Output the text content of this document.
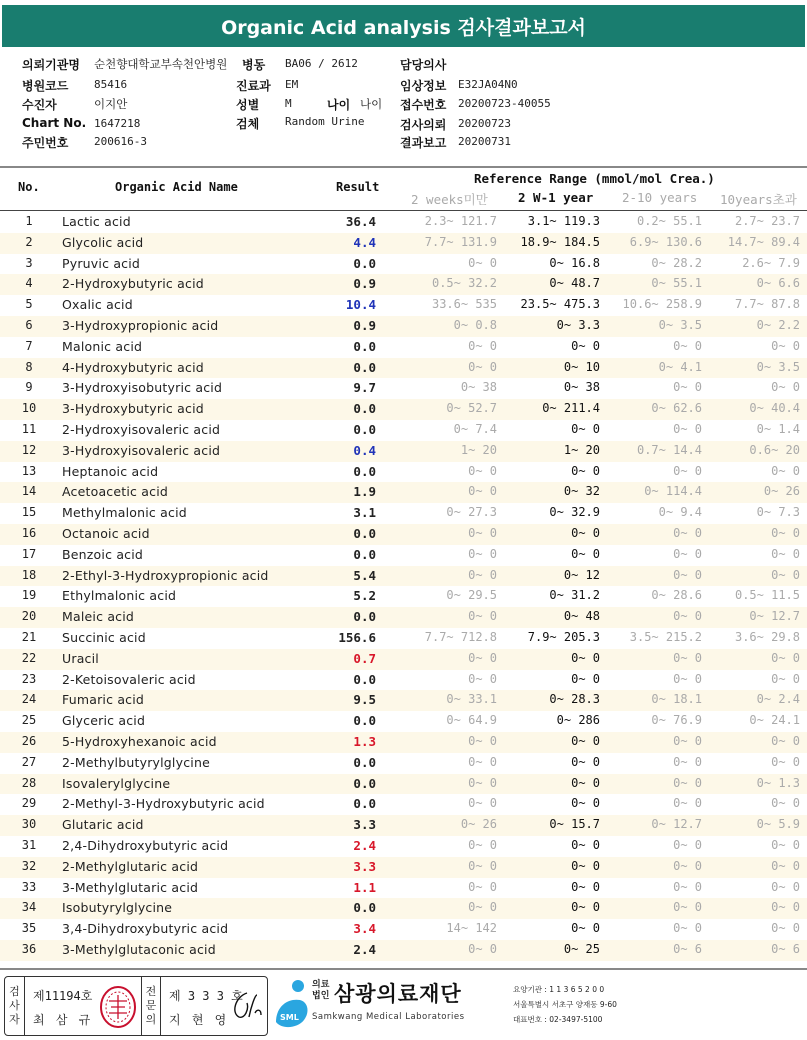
Organic Acid analysis 검사결과보고서
의뢰기관명 순천향대학교부속천안병원
병원코드 85416
수진자	이지안
Chart No. 1647218
주민번호 200616-3
병동 BA06 / 2612
진료과 EM
성별 M	나이 나이
검체 Random Urine
담당의사
임상정보 E32JA04N0
접수번호 20200723-40055
검사의뢰 20200723
결과보고 20200731
No.	Organic Acid Name	Result
Reference Range (mmol/mol Crea.)
2 weeks미만 2 W-1 year 2-10 years 10years초과
1	Lactic acid	36.4	2.3~ 121.7	3.1~ 119.3	0.2~ 55.1	2.7~ 23.7
2	Glycolic acid	4.4	7.7~ 131.9	18.9~ 184.5	6.9~ 130.6	14.7~ 89.4
3	Pyruvic acid	0.0	0~ 0	0~ 16.8	0~ 28.2	2.6~ 7.9
4	2-Hydroxybutyric acid	0.9	0.5~ 32.2	0~ 48.7	0~ 55.1	0~ 6.6
5	Oxalic acid	10.4	33.6~ 535	23.5~ 475.3	10.6~ 258.9	7.7~ 87.8
6	3-Hydroxypropionic acid	0.9	0~ 0.8	0~ 3.3	0~ 3.5	0~ 2.2
7	Malonic acid	0.0	0~ 0	0~ 0	0~ 0	0~ 0
8	4-Hydroxybutyric acid	0.0	0~ 0	0~ 10	0~ 4.1	0~ 3.5
9	3-Hydroxyisobutyric acid	9.7	0~ 38	0~ 38	0~ 0	0~ 0
10	3-Hydroxybutyric acid	0.0	0~ 52.7	0~ 211.4	0~ 62.6	0~ 40.4
11	2-Hydroxyisovaleric acid	0.0	0~ 7.4	0~ 0	0~ 0	0~ 1.4
12	3-Hydroxyisovaleric acid	0.4	1~ 20	1~ 20	0.7~ 14.4	0.6~ 20
13	Heptanoic acid	0.0	0~ 0	0~ 0	0~ 0	0~ 0
14	Acetoacetic acid	1.9	0~ 0	0~ 32	0~ 114.4	0~ 26
15	Methylmalonic acid	3.1	0~ 27.3	0~ 32.9	0~ 9.4	0~ 7.3
16	Octanoic acid	0.0	0~ 0	0~ 0	0~ 0	0~ 0
17	Benzoic acid	0.0	0~ 0	0~ 0	0~ 0	0~ 0
18	2-Ethyl-3-Hydroxypropionic acid	5.4	0~ 0	0~ 12	0~ 0	0~ 0
19	Ethylmalonic acid	5.2	0~ 29.5	0~ 31.2	0~ 28.6	0.5~ 11.5
20	Maleic acid	0.0	0~ 0	0~ 48	0~ 0	0~ 12.7
21	Succinic acid	156.6	7.7~ 712.8	7.9~ 205.3	3.5~ 215.2	3.6~ 29.8
22	Uracil	0.7	0~ 0	0~ 0	0~ 0	0~ 0
23	2-Ketoisovaleric acid	0.0	0~ 0	0~ 0	0~ 0	0~ 0
24	Fumaric acid	9.5	0~ 33.1	0~ 28.3	0~ 18.1	0~ 2.4
25	Glyceric acid	0.0	0~ 64.9	0~ 286	0~ 76.9	0~ 24.1
26	5-Hydroxyhexanoic acid	1.3	0~ 0	0~ 0	0~ 0	0~ 0
27	2-Methylbutyrylglycine	0.0	0~ 0	0~ 0	0~ 0	0~ 0
28	Isovalerylglycine	0.0	0~ 0	0~ 0	0~ 0	0~ 1.3
29	2-Methyl-3-Hydroxybutyric acid	0.0	0~ 0	0~ 0	0~ 0	0~ 0
30	Glutaric acid	3.3	0~ 26	0~ 15.7	0~ 12.7	0~ 5.9
31	2,4-Dihydroxybutyric acid	2.4	0~ 0	0~ 0	0~ 0	0~ 0
32	2-Methylglutaric acid	3.3	0~ 0	0~ 0	0~ 0	0~ 0
33	3-Methylglutaric acid	1.1	0~ 0	0~ 0	0~ 0	0~ 0
34	Isobutyrylglycine	0.0	0~ 0	0~ 0	0~ 0	0~ 0
35	3,4-Dihydroxybutyric acid	3.4	14~ 142	0~ 0	0~ 0	0~ 0
36	3-Methylglutaconic acid	2.4	0~ 0	0~ 25	0~ 6	0~ 6
검
사
자
제11194호
최 삼 규
전
문
의
제 3 3 3 호
지 현 영	SML
의료법인 삼광의료재단
Samkwang Medical Laboratories
요양기관 : 1 1 3 6 5 2 0 0
서울특별시 서초구 양재동 9-60
대표번호 : 02-3497-5100
